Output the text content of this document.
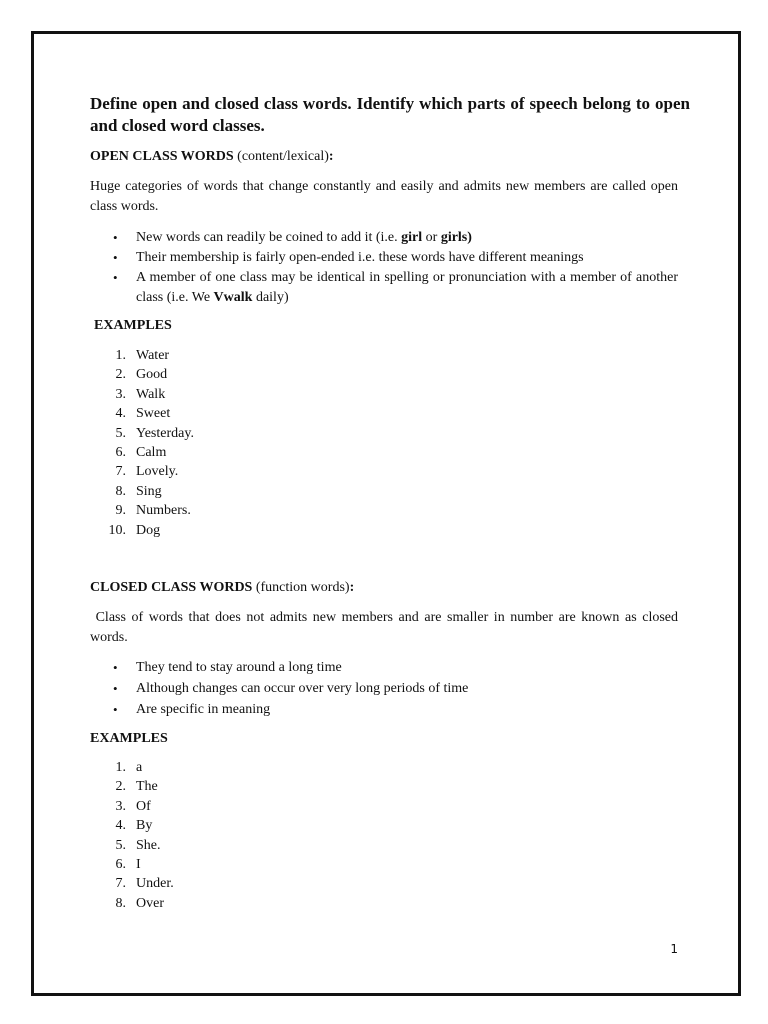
Define open and closed class words. Identify which parts of speech belong to open and closed word classes.

OPEN CLASS WORDS (content/lexical):

Huge categories of words that change constantly and easily and admits new members are called open class words.

• New words can readily be coined to add it (i.e. girl or girls)
• Their membership is fairly open-ended i.e. these words have different meanings
• A member of one class may be identical in spelling or pronunciation with a member of another class (i.e. We Vwalk daily)

EXAMPLES

1. Water
2. Good
3. Walk
4. Sweet
5. Yesterday.
6. Calm
7. Lovely.
8. Sing
9. Numbers.
10. Dog

CLOSED CLASS WORDS (function words):

Class of words that does not admits new members and are smaller in number are known as closed words.

• They tend to stay around a long time
• Although changes can occur over very long periods of time
• Are specific in meaning

EXAMPLES

1. a
2. The
3. Of
4. By
5. She.
6. I
7. Under.
8. Over
1
